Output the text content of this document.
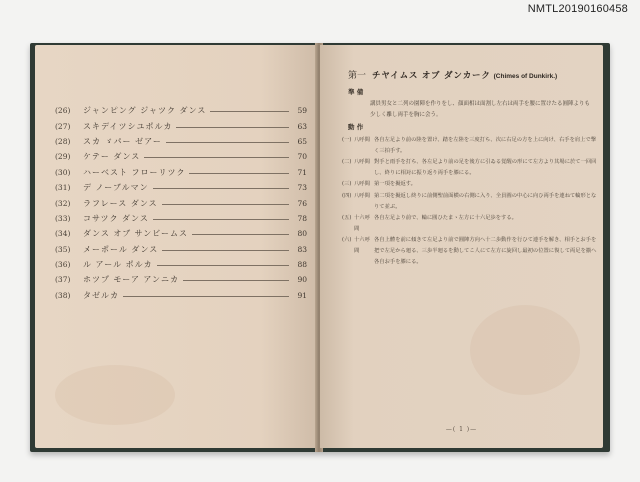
NMTL20190160458
(26)	ジャンピング ジャツク ダンス	59
(27)	スキデイツシユポルカ	63
(28)	スカ ゞパー ゼアー	65
(29)	ケテー ダンス	70
(30)	ハーベスト フローリツク	71
(31)	デ ノーブルマン	73
(32)	ラフレース ダンス	76
(33)	コサツク ダンス	78
(34)	ダンス オブ サンビームス	80
(35)	メーポール ダンス	83
(36)	ル アール ポルカ	88
(37)	ホツプ モーア アンニカ	90
(38)	タゼルカ	91
第一 チヤイムス オブ ダンカーク (Chimes of Dunkirk.)
準 備
講員男女と二列の園陣を作りをし、顔面相は面割し左右は両手を腰に置けたる圓陣よりも少しく離し両手を胸に会う。
動 作
(一) 八呼間 各自左足より前の陸を置け、踏を左陸を三度打ち、次に右足の方を上に向け、右手を肩上で撃く三拍手す。
(二) 八呼間 對手と雨手を打ち、各左足より前の足を後方に引ゐる覚醒の形にて左方より其場に於て一回回し、終りに相対に振り返り両手を膝にる。
(三) 八呼間 第一項を擬返す。
(四) 八呼間 第二項を擬返し終りに前側聖前面横の右側に入り、全員圓の中心に向ひ両手を連ねて輪形となりて並ぶ。
(五) 十六呼間
各自左足より前で、輪に圓ひたまゝ左方に十六足歩をする。
(六) 十六呼間
各自上體を前に傾きて左足より前で圓陣方向へ十二歩動作を行ひて連手を解き、相手とお手を把で左足から廻る、三歩半廻るを動してこ人にて左方に旋回し最初の位置に復して両足を揃へ各自お手を膝にる。
—( 1 )—
